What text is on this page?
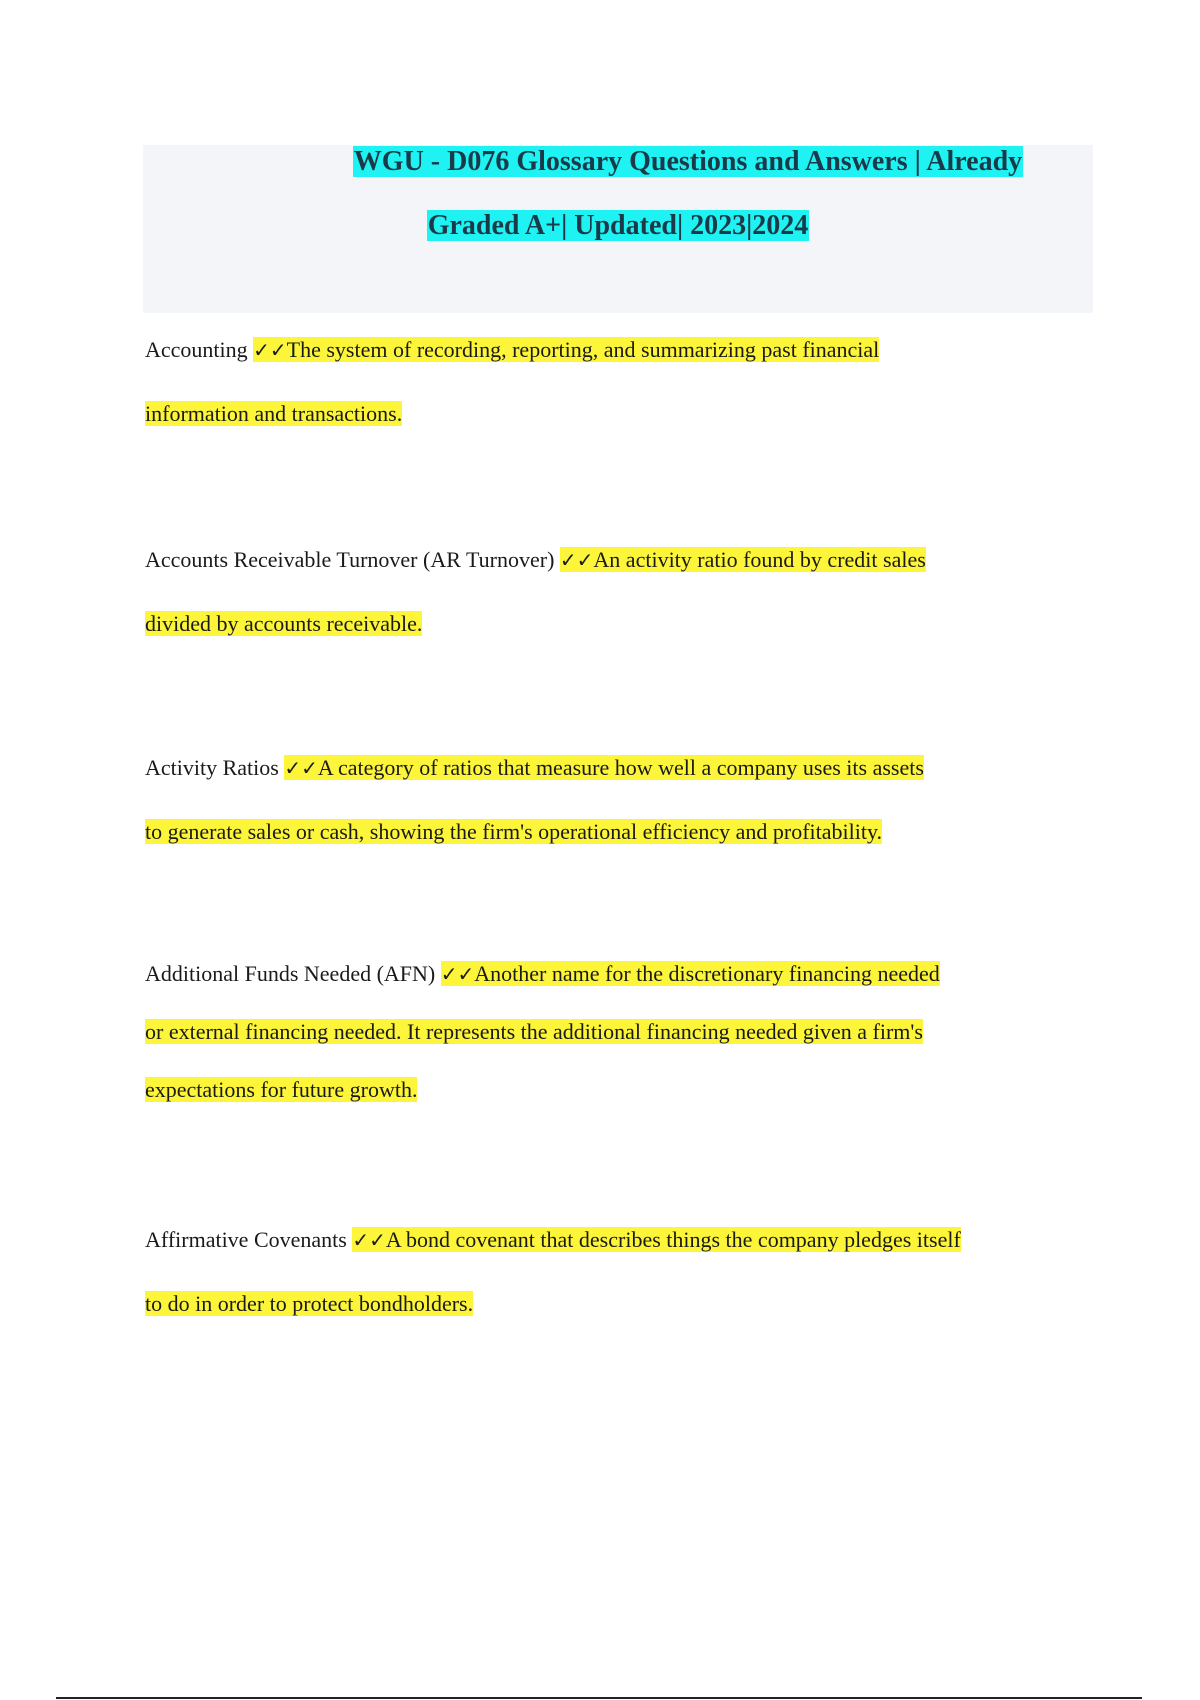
WGU - D076 Glossary Questions and Answers | Already
Graded A+| Updated| 2023|2024
Accounting ✓✓The system of recording, reporting, and summarizing past financial
information and transactions.
Accounts Receivable Turnover (AR Turnover) ✓✓An activity ratio found by credit sales
divided by accounts receivable.
Activity Ratios ✓✓A category of ratios that measure how well a company uses its assets
to generate sales or cash, showing the firm's operational efficiency and profitability.
Additional Funds Needed (AFN) ✓✓Another name for the discretionary financing needed
or external financing needed. It represents the additional financing needed given a firm's
expectations for future growth.
Affirmative Covenants ✓✓A bond covenant that describes things the company pledges itself
to do in order to protect bondholders.
